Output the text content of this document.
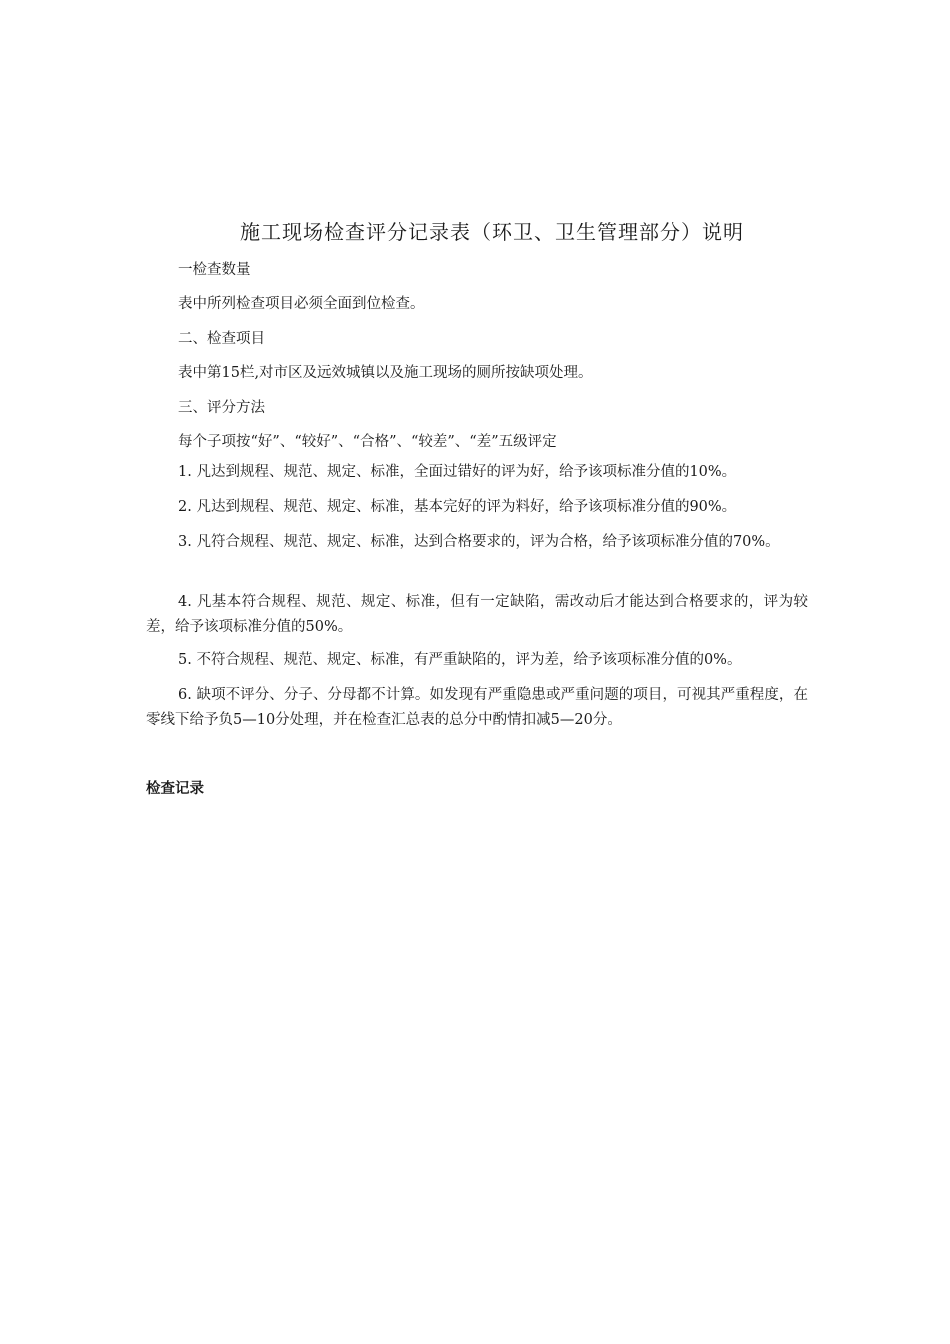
施工现场检查评分记录表（环卫、卫生管理部分）说明
一检查数量
表中所列检查项目必须全面到位检查。
二、检查项目
表中第15栏,对市区及远效城镇以及施工现场的厕所按缺项处理。
三、评分方法
每个子项按“好”、“较好”、“合格”、“较差”、“差”五级评定
1. 凡达到规程、规范、规定、标准，全面过错好的评为好，给予该项标准分值的10%。
2. 凡达到规程、规范、规定、标准，基本完好的评为料好，给予该项标准分值的90%。
3. 凡符合规程、规范、规定、标准，达到合格要求的，评为合格，给予该项标准分值的70%。
4. 凡基本符合规程、规范、规定、标准，但有一定缺陷，需改动后才能达到合格要求的，评为较差，给予该项标准分值的50%。
5. 不符合规程、规范、规定、标准，有严重缺陷的，评为差，给予该项标准分值的0%。
6. 缺项不评分、分子、分母都不计算。如发现有严重隐患或严重问题的项目，可视其严重程度，在零线下给予负5—10分处理，并在检查汇总表的总分中酌情扣减5—20分。
检查记录
